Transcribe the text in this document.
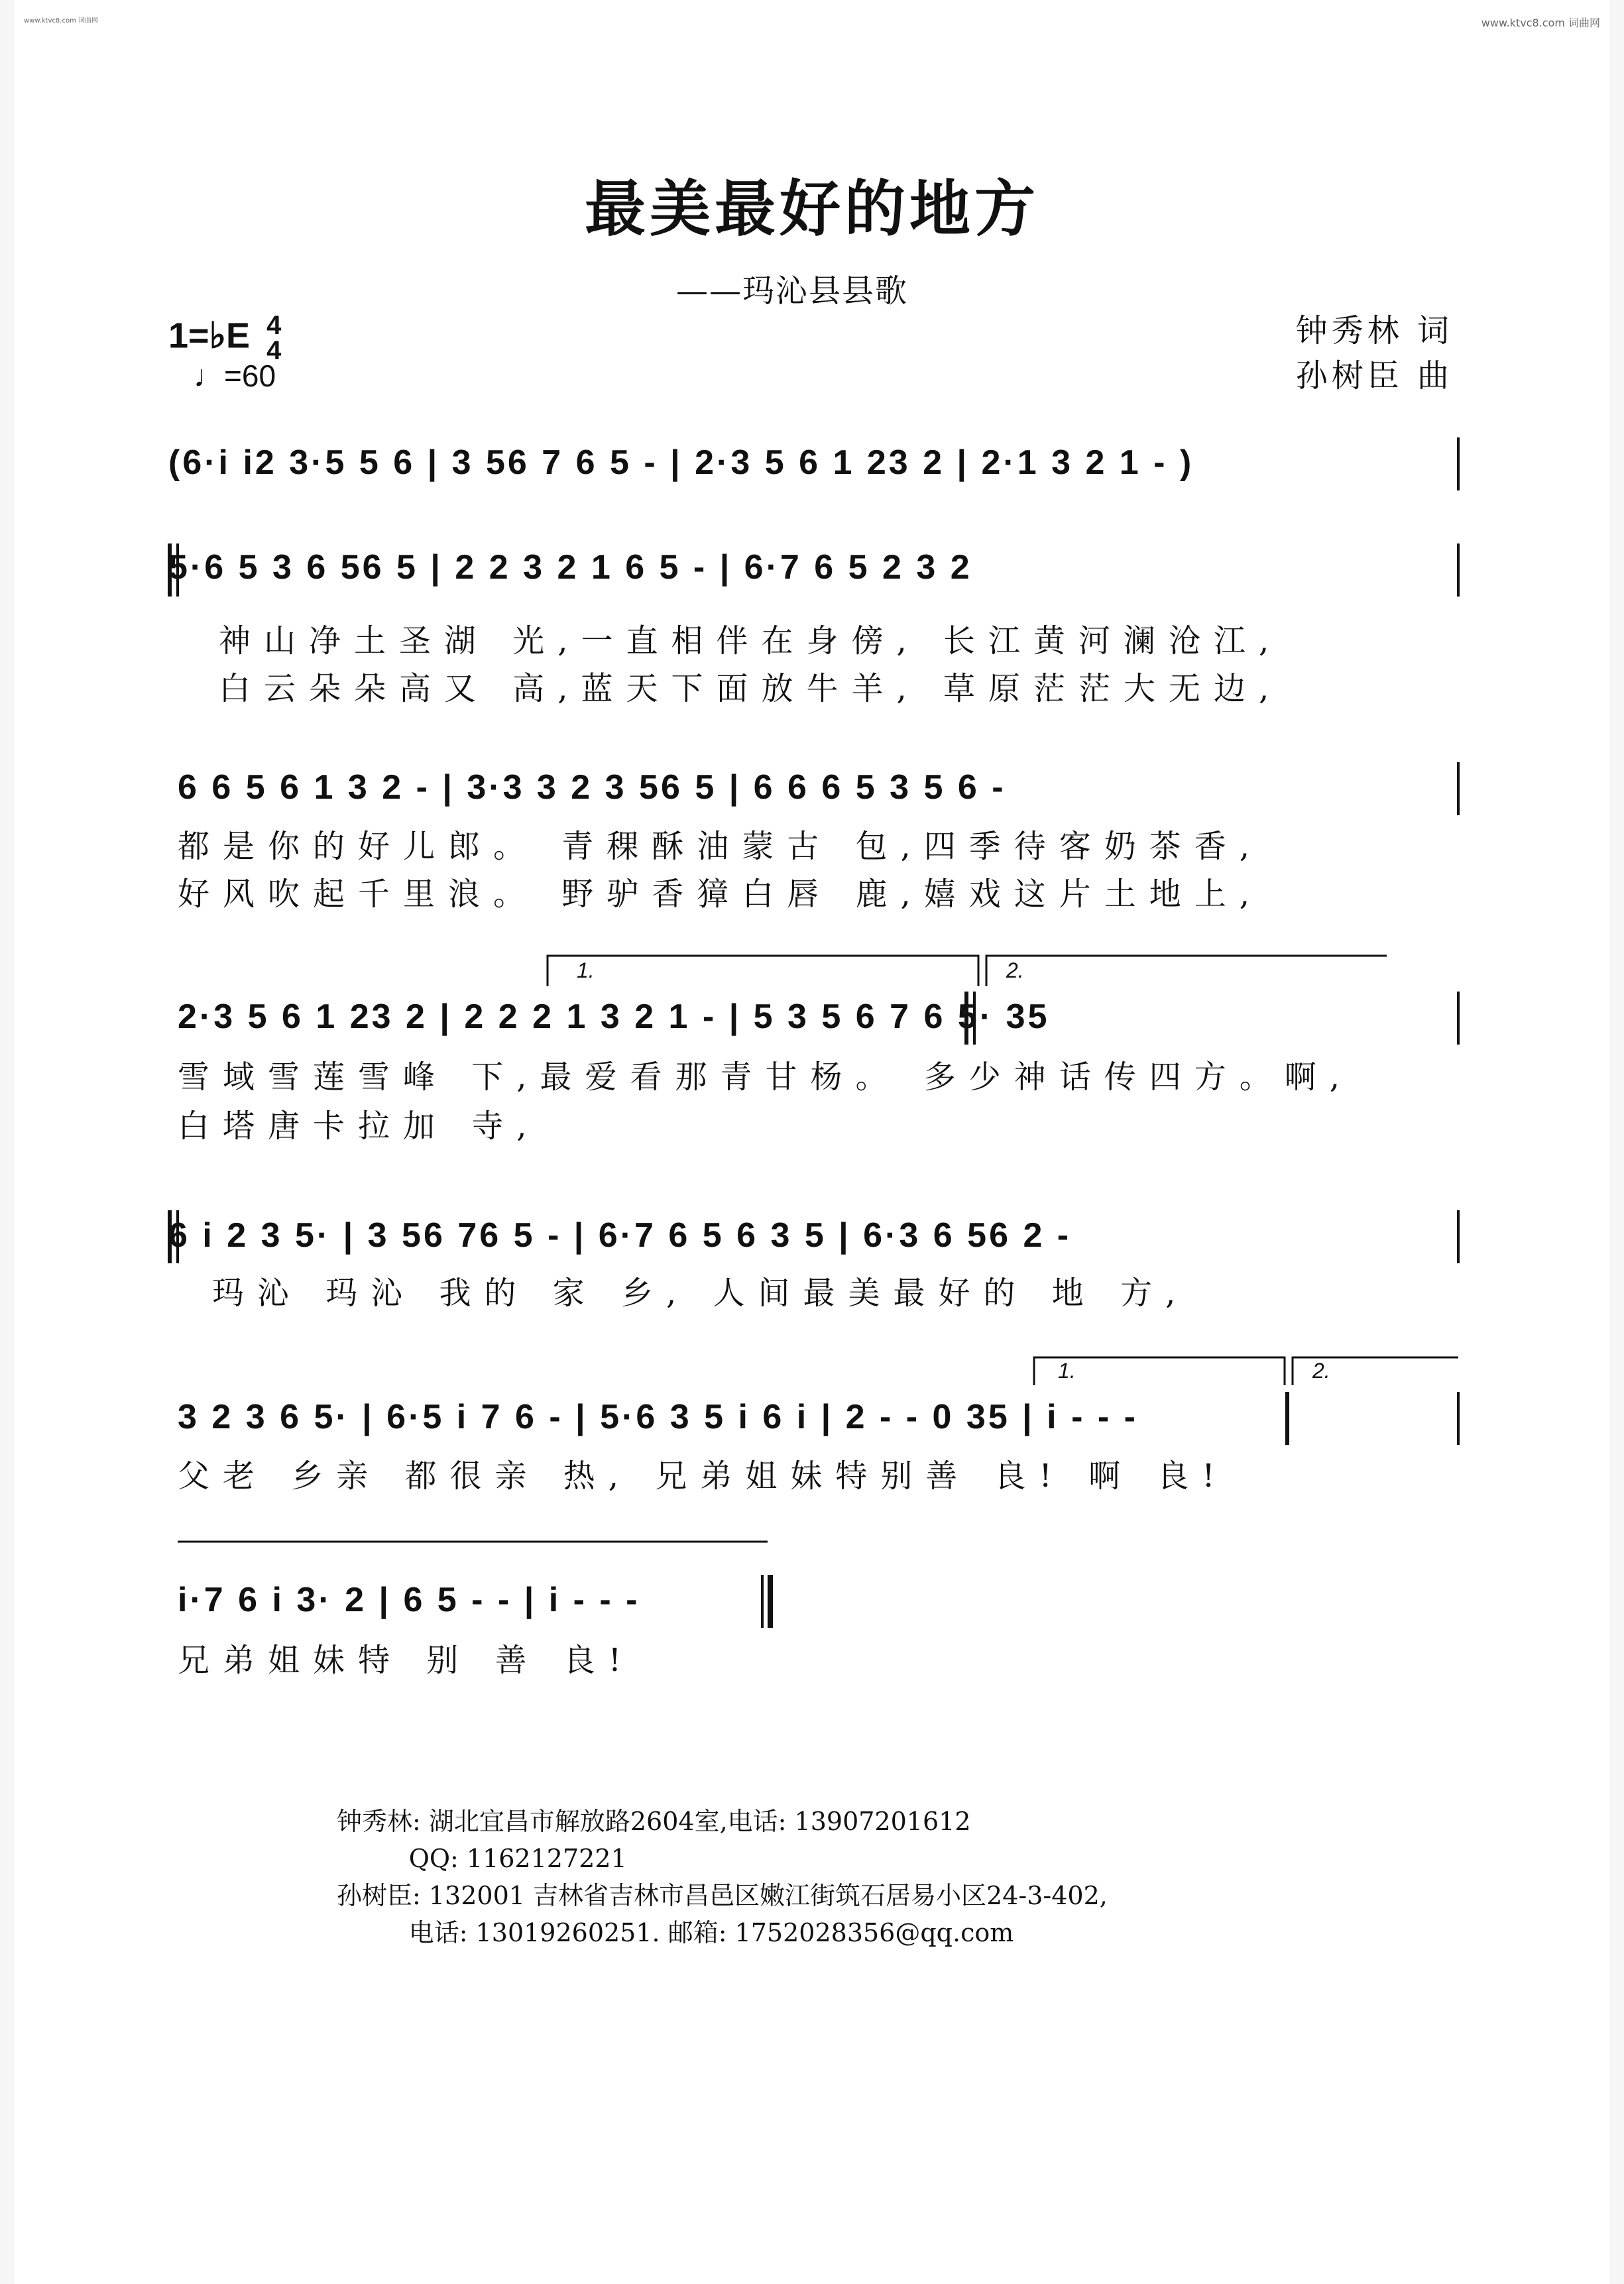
www.ktvc8.com 词曲网	www.ktvc8.com 词曲网
最美最好的地方
——玛沁县县歌
1=♭E 4
4
♩=60
钟秀林 词
孙树臣 曲
(6·i i2 3·5 5 6 | 3 56 7 6 5 - | 2·3 5 6 1 23 2 | 2·1 3 2 1 - )
5·6 5 3 6 56 5 | 2 2 3 2 1 6 5 - | 6·7 6 5 2 3 2
神山净土圣湖 光,一直相伴在身傍, 长江黄河澜沧江,
白云朵朵高又 高,蓝天下面放牛羊, 草原茫茫大无边,
6 6 5 6 1 3 2 - | 3·3 3 2 3 56 5 | 6 6 6 5 3 5 6 -
都是你的好儿郎。 青稞酥油蒙古 包,四季待客奶茶香,
好风吹起千里浪。 野驴香獐白唇 鹿,嬉戏这片土地上,
2·3 5 6 1 23 2 | 2 2 2 1 3 2 1 - | 5 3 5 6 7 6 5· 35
雪域雪莲雪峰 下,最爱看那青甘杨。 多少神话传四方。啊,
白塔唐卡拉加 寺,
6 i 2 3 5· | 3 56 76 5 - | 6·7 6 5 6 3 5 | 6·3 6 56 2 -
玛沁 玛沁 我的 家 乡, 人间最美最好的 地 方,
3 2 3 6 5· | 6·5 i 7 6 - | 5·6 3 5 i 6 i | 2 - - 0 35 | i - - -
父老 乡亲 都很亲 热, 兄弟姐妹特别善 良! 啊 良!
i·7 6 i 3· 2 | 6 5 - - | i - - -
兄弟姐妹特 别 善 良!
1.	2.
1.	2.
钟秀林: 湖北宜昌市解放路2604室,电话: 13907201612
QQ: 1162127221
孙树臣: 132001 吉林省吉林市昌邑区嫩江街筑石居易小区24-3-402,
电话: 13019260251. 邮箱: 1752028356@qq.com
